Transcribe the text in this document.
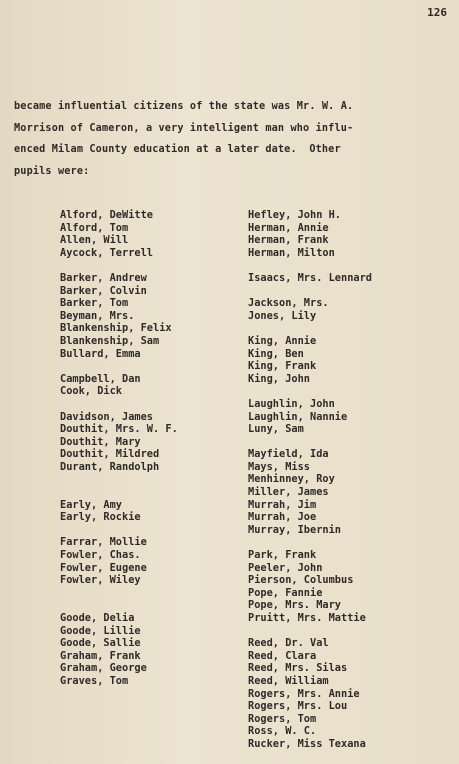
126
became influential citizens of the state was Mr. W. A.
Morrison of Cameron, a very intelligent man who influ-
enced Milam County education at a later date.  Other
pupils were:
Alford, DeWitte
Alford, Tom
Allen, Will
Aycock, Terrell
Barker, Andrew
Barker, Colvin
Barker, Tom
Beyman, Mrs.
Blankenship, Felix
Blankenship, Sam
Bullard, Emma
Campbell, Dan
Cook, Dick
Davidson, James
Douthit, Mrs. W. F.
Douthit, Mary
Douthit, Mildred
Durant, Randolph
Early, Amy
Early, Rockie
Farrar, Mollie
Fowler, Chas.
Fowler, Eugene
Fowler, Wiley
Goode, Delia
Goode, Lillie
Goode, Sallie
Graham, Frank
Graham, George
Graves, Tom
Hefley, John H.
Herman, Annie
Herman, Frank
Herman, Milton
Isaacs, Mrs. Lennard
Jackson, Mrs.
Jones, Lily
King, Annie
King, Ben
King, Frank
King, John
Laughlin, John
Laughlin, Nannie
Luny, Sam
Mayfield, Ida
Mays, Miss
Menhinney, Roy
Miller, James
Murrah, Jim
Murrah, Joe
Murray, Ibernin
Park, Frank
Peeler, John
Pierson, Columbus
Pope, Fannie
Pope, Mrs. Mary
Pruitt, Mrs. Mattie
Reed, Dr. Val
Reed, Clara
Reed, Mrs. Silas
Reed, William
Rogers, Mrs. Annie
Rogers, Mrs. Lou
Rogers, Tom
Ross, W. C.
Rucker, Miss Texana
